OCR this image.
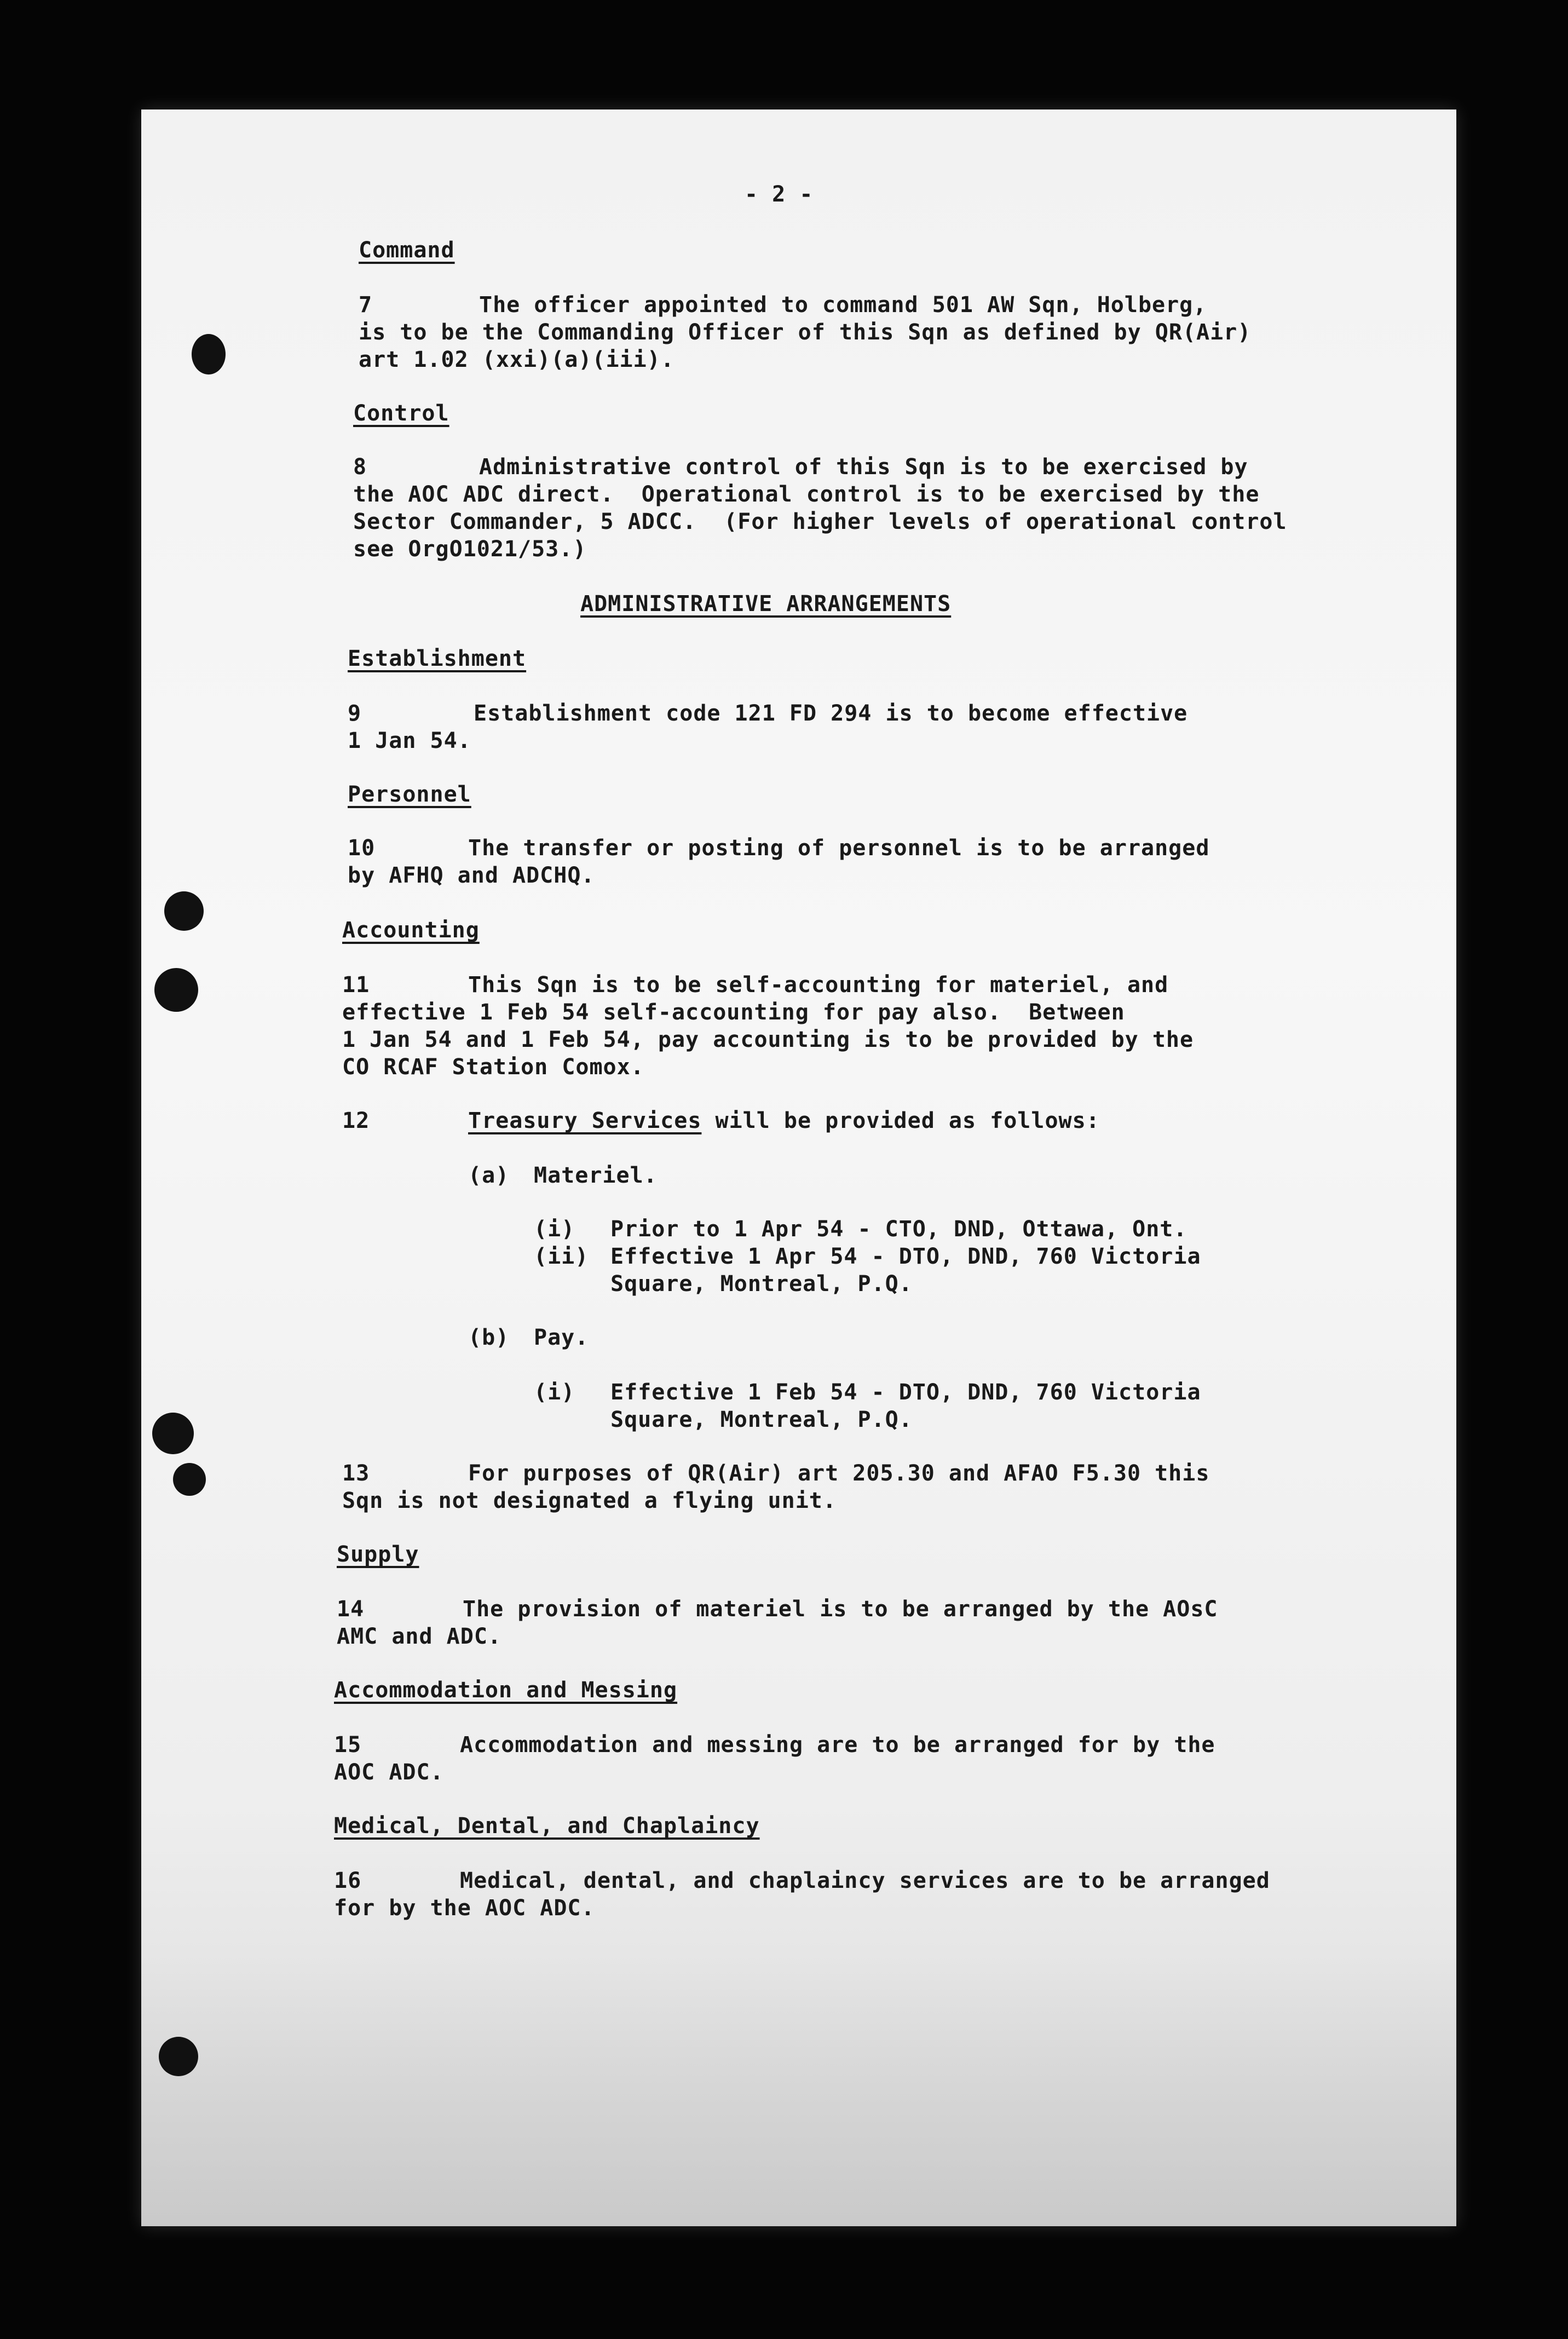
- 2 -
Command
7	The officer appointed to command 501 AW Sqn, Holberg,
is to be the Commanding Officer of this Sqn as defined by QR(Air)
art 1.02 (xxi)(a)(iii).
Control
8	Administrative control of this Sqn is to be exercised by
the AOC ADC direct.  Operational control is to be exercised by the
Sector Commander, 5 ADCC.  (For higher levels of operational control
see OrgO1021/53.)
ADMINISTRATIVE ARRANGEMENTS
Establishment
9	Establishment code 121 FD 294 is to become effective
1 Jan 54.
Personnel
10	The transfer or posting of personnel is to be arranged
by AFHQ and ADCHQ.
Accounting
11	This Sqn is to be self-accounting for materiel, and
effective 1 Feb 54 self-accounting for pay also.  Between
1 Jan 54 and 1 Feb 54, pay accounting is to be provided by the
CO RCAF Station Comox.
12	Treasury Services will be provided as follows:
(a) Materiel.
(i) Prior to 1 Apr 54 - CTO, DND, Ottawa, Ont.
(ii) Effective 1 Apr 54 - DTO, DND, 760 Victoria
Square, Montreal, P.Q.
(b) Pay.
(i) Effective 1 Feb 54 - DTO, DND, 760 Victoria
Square, Montreal, P.Q.
13	For purposes of QR(Air) art 205.30 and AFAO F5.30 this
Sqn is not designated a flying unit.
Supply
14	The provision of materiel is to be arranged by the AOsC
AMC and ADC.
Accommodation and Messing
15	Accommodation and messing are to be arranged for by the
AOC ADC.
Medical, Dental, and Chaplaincy
16	Medical, dental, and chaplaincy services are to be arranged
for by the AOC ADC.
